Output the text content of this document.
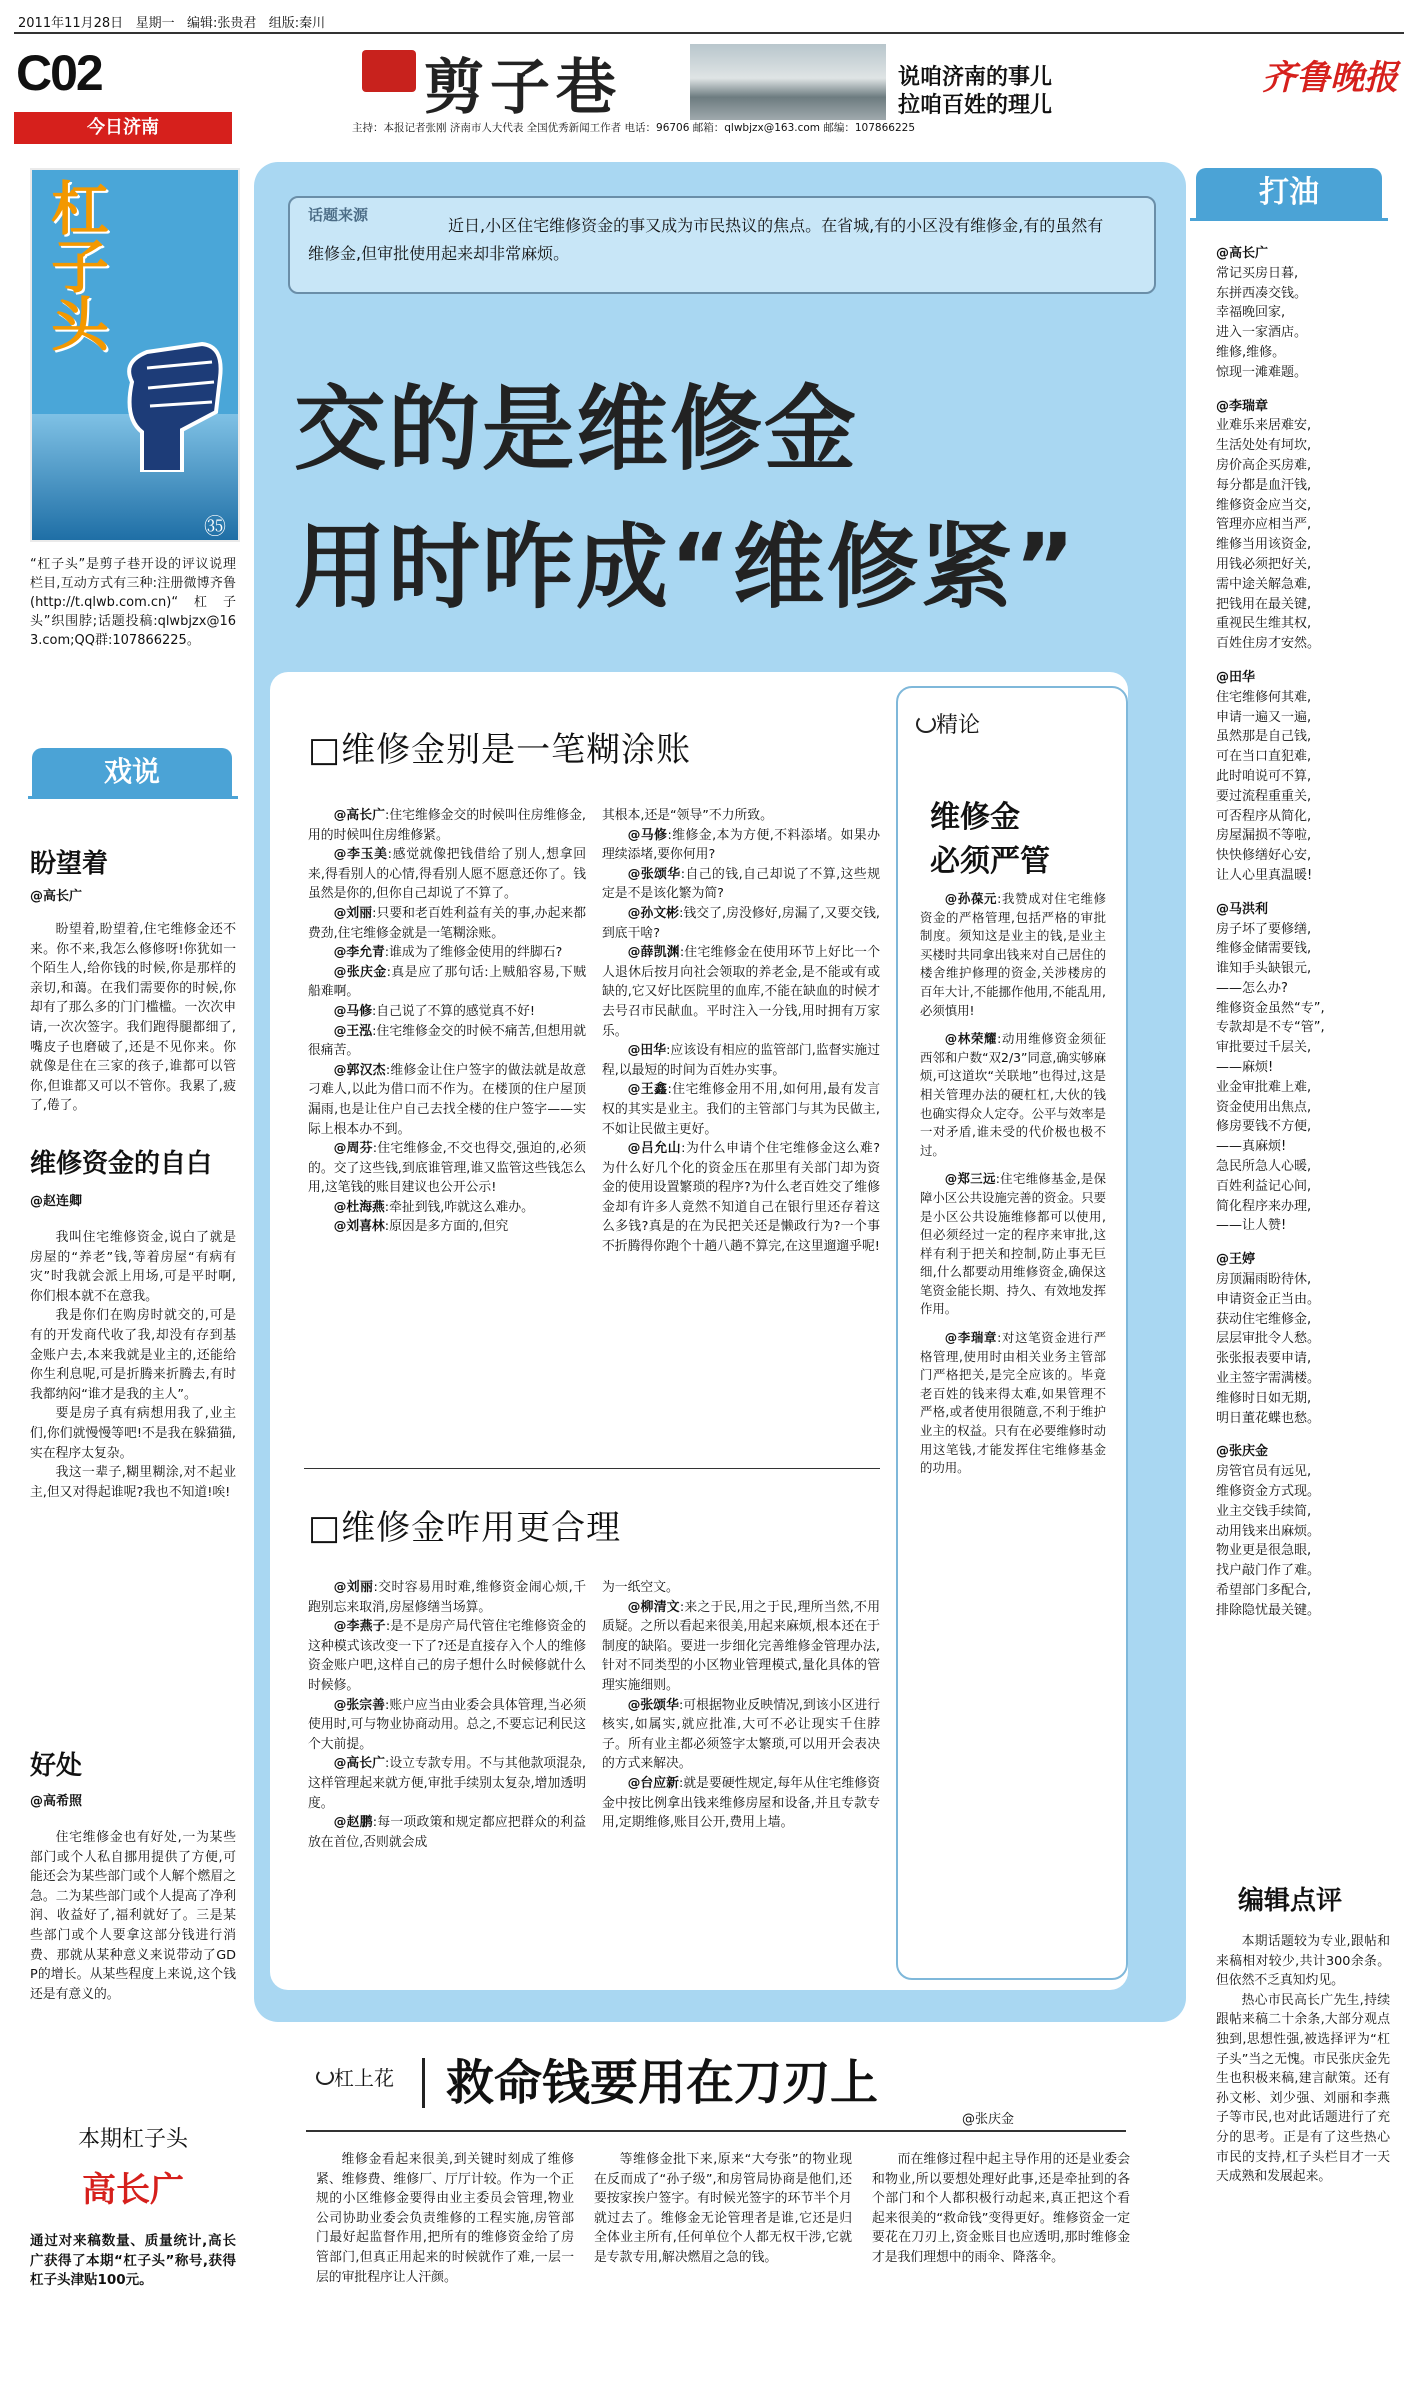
2011年11月28日 星期一 编辑:张贵君 组版:秦川
C02
今日济南
剪子巷	说咱济南的事儿
拉咱百姓的理儿
齐鲁晚报
主持：本报记者张刚 济南市人大代表 全国优秀新闻工作者 电话：96706 邮箱：qlwbjzx@163.com 邮编：107866225
杠子头
㉟
“杠子头”是剪子巷开设的评议说理栏目,互动方式有三种:注册微博齐鲁(http://t.qlwb.com.cn)“杠子头”织围脖;话题投稿:qlwbjzx@163.com;QQ群:107866225。
戏说
盼望着
@高长广

盼望着,盼望着,住宅维修金还不来。你不来,我怎么修修呀!你犹如一个陌生人,给你钱的时候,你是那样的亲切,和蔼。在我们需要你的时候,你却有了那么多的门门槛槛。一次次申请,一次次签字。我们跑得腿都细了,嘴皮子也磨破了,还是不见你来。你就像是住在三家的孩子,谁都可以管你,但谁都又可以不管你。我累了,疲了,倦了。

维修资金的自白
@赵连卿

我叫住宅维修资金,说白了就是房屋的“养老”钱,等着房屋“有病有灾”时我就会派上用场,可是平时啊,你们根本就不在意我。

我是你们在购房时就交的,可是有的开发商代收了我,却没有存到基金账户去,本来我就是业主的,还能给你生利息呢,可是折腾来折腾去,有时我都纳闷“谁才是我的主人”。

要是房子真有病想用我了,业主们,你们就慢慢等吧!不是我在躲猫猫,实在程序太复杂。

我这一辈子,糊里糊涂,对不起业主,但又对得起谁呢?我也不知道!唉!

好处
@高希照

住宅维修金也有好处,一为某些部门或个人私自挪用提供了方便,可能还会为某些部门或个人解个燃眉之急。二为某些部门或个人提高了净利润、收益好了,福利就好了。三是某些部门或个人要拿这部分钱进行消费、那就从某种意义来说带动了GDP的增长。从某些程度上来说,这个钱还是有意义的。

本期杠子头
高长广
通过对来稿数量、质量统计,高长广获得了本期“杠子头”称号,获得杠子头津贴100元。
话题来源
近日,小区住宅维修资金的事又成为市民热议的焦点。在省城,有的小区没有维修金,有的虽然有维修金,但审批使用起来却非常麻烦。
交的是维修金
用时咋成“维修紧”
□维修金别是一笔糊涂账

@高长广:住宅维修金交的时候叫住房维修金,用的时候叫住房维修紧。

@李玉美:感觉就像把钱借给了别人,想拿回来,得看别人的心情,得看别人愿不愿意还你了。钱虽然是你的,但你自己却说了不算了。

@刘丽:只要和老百姓利益有关的事,办起来都费劲,住宅维修金就是一笔糊涂账。

@李允青:谁成为了维修金使用的绊脚石?

@张庆金:真是应了那句话:上贼船容易,下贼船难啊。

@马修:自己说了不算的感觉真不好!

@王泓:住宅维修金交的时候不痛苦,但想用就很痛苦。

@郭汉杰:维修金让住户签字的做法就是故意刁难人,以此为借口而不作为。在楼顶的住户屋顶漏雨,也是让住户自己去找全楼的住户签字——实际上根本办不到。

@周芬:住宅维修金,不交也得交,强迫的,必须的。交了这些钱,到底谁管理,谁又监管这些钱怎么用,这笔钱的账目建议也公开公示!

@杜海燕:牵扯到钱,咋就这么难办。

@刘喜林:原因是多方面的,但究

其根本,还是“领导”不力所致。

@马修:维修金,本为方便,不料添堵。如果办理续添堵,要你何用?

@张颂华:自己的钱,自己却说了不算,这些规定是不是该化繁为简?

@孙文彬:钱交了,房没修好,房漏了,又要交钱,到底干啥?

@薛凯渊:住宅维修金在使用环节上好比一个人退休后按月向社会领取的养老金,是不能或有或缺的,它又好比医院里的血库,不能在缺血的时候才去号召市民献血。平时注入一分钱,用时拥有万家乐。

@田华:应该设有相应的监管部门,监督实施过程,以最短的时间为百姓办实事。

@王鑫:住宅维修金用不用,如何用,最有发言权的其实是业主。我们的主管部门与其为民做主,不如让民做主更好。

@吕允山:为什么申请个住宅维修金这么难?为什么好几个化的资金压在那里有关部门却为资金的使用设置繁琐的程序?为什么老百姓交了维修金却有许多人竟然不知道自己在银行里还存着这么多钱?真是的在为民把关还是懒政行为?一个事不折腾得你跑个十趟八趟不算完,在这里遛遛乎呢!

□维修金咋用更合理

@刘丽:交时容易用时难,维修资金闹心烦,千跑别忘来取消,房屋修缮当场算。

@李燕子:是不是房产局代管住宅维修资金的这种模式该改变一下了?还是直接存入个人的维修资金账户吧,这样自己的房子想什么时候修就什么时候修。

@张宗善:账户应当由业委会具体管理,当必须使用时,可与物业协商动用。总之,不要忘记利民这个大前提。

@高长广:设立专款专用。不与其他款项混杂,这样管理起来就方便,审批手续别太复杂,增加透明度。

@赵鹏:每一项政策和规定都应把群众的利益放在首位,否则就会成

为一纸空文。

@柳清文:来之于民,用之于民,理所当然,不用质疑。之所以看起来很美,用起来麻烦,根本还在于制度的缺陷。要进一步细化完善维修金管理办法,针对不同类型的小区物业管理模式,量化具体的管理实施细则。

@张颂华:可根据物业反映情况,到该小区进行核实,如属实,就应批准,大可不必让现实千住脖子。所有业主都必须签字太繁琐,可以用开会表决的方式来解决。

@台应新:就是要硬性规定,每年从住宅维修资金中按比例拿出钱来维修房屋和设备,并且专款专用,定期维修,账目公开,费用上墙。

精论
维修金
必须严管

@孙葆元:我赞成对住宅维修资金的严格管理,包括严格的审批制度。须知这是业主的钱,是业主买楼时共同拿出钱来对自己居住的楼舍维护修理的资金,关涉楼房的百年大计,不能挪作他用,不能乱用,必须慎用!

@林荣耀:动用维修资金须征西邻和户数“双2/3”同意,确实够麻烦,可这道坎“关联地”也得过,这是相关管理办法的硬杠杠,大伙的钱也确实得众人定夺。公平与效率是一对矛盾,谁未受的代价极也极不过。

@郑三远:住宅维修基金,是保障小区公共设施完善的资金。只要是小区公共设施维修都可以使用,但必须经过一定的程序来审批,这样有利于把关和控制,防止事无巨细,什么都要动用维修资金,确保这笔资金能长期、持久、有效地发挥作用。

@李瑞章:对这笔资金进行严格管理,使用时由相关业务主管部门严格把关,是完全应该的。毕竟老百姓的钱来得太难,如果管理不严格,或者使用很随意,不利于维护业主的权益。只有在必要维修时动用这笔钱,才能发挥住宅维修基金的功用。

杠上花 救命钱要用在刀刃上
@张庆金
维修金看起来很美,到关键时刻成了维修紧、维修费、维修厂、厅厅计较。作为一个正规的小区维修金要得由业主委员会管理,物业公司协助业委会负责维修的工程实施,房管部门最好起监督作用,把所有的维修资金给了房管部门,但真正用起来的时候就作了难,一层一层的审批程序让人汗颜。
等维修金批下来,原来“大夸张”的物业现在反而成了“孙子级”,和房管局协商是他们,还要按家挨户签字。有时候光签字的环节半个月就过去了。维修金无论管理者是谁,它还是归全体业主所有,任何单位个人都无权干涉,它就是专款专用,解决燃眉之急的钱。
而在维修过程中起主导作用的还是业委会和物业,所以要想处理好此事,还是牵扯到的各个部门和个人都积极行动起来,真正把这个看起来很美的“救命钱”变得更好。维修资金一定要花在刀刃上,资金账目也应透明,那时维修金才是我们理想中的雨伞、降落伞。
打油
@高长广
常记买房日暮,
东拼西凑交钱。
幸福晚回家,
进入一家酒店。
维修,维修。
惊现一滩难题。
@李瑞章
业难乐来居难安,
生活处处有坷坎,
房价高企买房难,
每分都是血汗钱,
维修资金应当交,
管理亦应相当严,
维修当用该资金,
用钱必须把好关,
需中途关解急难,
把钱用在最关键,
重视民生维其权,
百姓住房才安然。
@田华
住宅维修何其难,
申请一遍又一遍,
虽然那是自己钱,
可在当口直犯难,
此时咱说可不算,
要过流程重重关,
可否程序从简化,
房屋漏损不等啦,
快快修缮好心安,
让人心里真温暖!
@马洪利
房子坏了要修缮,
维修金储需要钱,
谁知手头缺银元,
——怎么办?
维修资金虽然“专”,
专款却是不专“管”,
审批要过千层关,
——麻烦!
业金审批难上难,
资金使用出焦点,
修房要钱不方便,
——真麻烦!
急民所急人心暖,
百姓利益记心间,
简化程序来办理,
——让人赞!
@王婷
房顶漏雨盼待休,
申请资金正当由。
获动住宅维修金,
层层审批令人愁。
张张报表要申请,
业主签字需满楼。
维修时日如无期,
明日董花蝶也愁。
@张庆金
房管官员有远见,
维修资金方式现。
业主交钱手续简,
动用钱来出麻烦。
物业更是很急眼,
找户敲门作了难。
希望部门多配合,
排除隐忧最关键。
编辑点评

本期话题较为专业,跟帖和来稿相对较少,共计300余条。但依然不乏真知灼见。

热心市民高长广先生,持续跟帖来稿二十余条,大部分观点独到,思想性强,被选择评为“杠子头”当之无愧。市民张庆金先生也积极来稿,建言献策。还有孙文彬、刘少强、刘丽和李燕子等市民,也对此话题进行了充分的思考。正是有了这些热心市民的支持,杠子头栏目才一天天成熟和发展起来。
